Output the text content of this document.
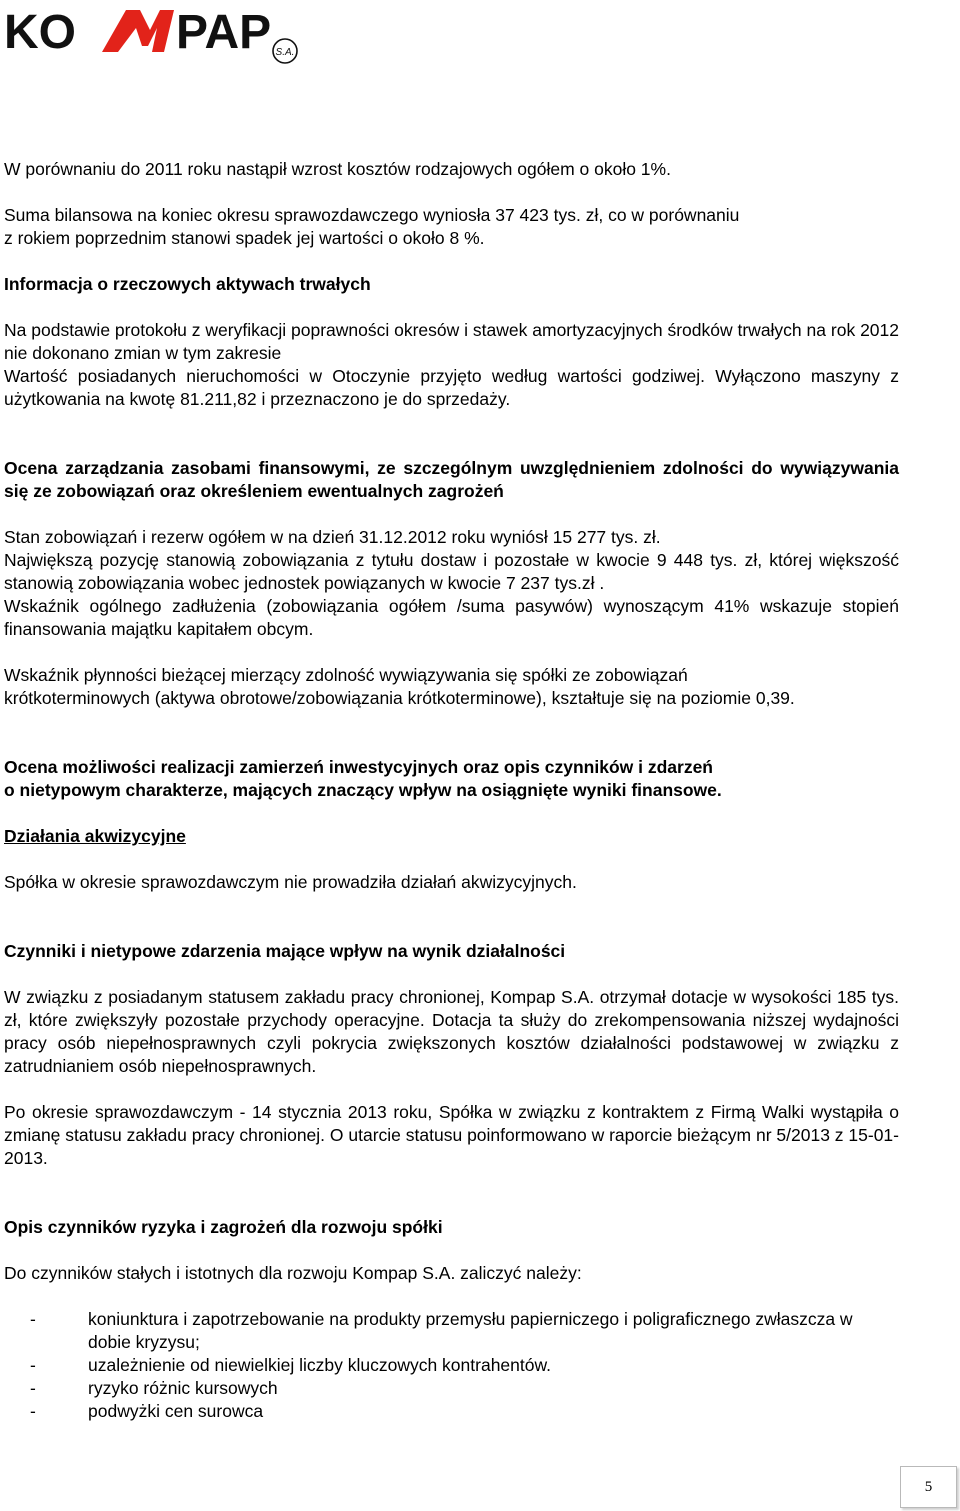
KO PAP S.A.

W porównaniu do 2011 roku nastąpił wzrost kosztów rodzajowych ogółem o około 1%.

Suma bilansowa na koniec okresu sprawozdawczego wyniosła 37 423 tys. zł, co w porównaniu

z rokiem poprzednim stanowi spadek jej wartości o około 8 %.

Informacja o rzeczowych aktywach trwałych

Na podstawie protokołu z weryfikacji poprawności okresów i stawek amortyzacyjnych środków trwałych na rok 2012 nie dokonano zmian w tym zakresie

Wartość posiadanych nieruchomości w Otoczynie przyjęto według wartości godziwej. Wyłączono maszyny z użytkowania na kwotę 81.211,82 i przeznaczono je do sprzedaży.

Ocena zarządzania zasobami finansowymi, ze szczególnym uwzględnieniem zdolności do wywiązywania się ze zobowiązań oraz określeniem ewentualnych zagrożeń

Stan zobowiązań i rezerw ogółem w na dzień 31.12.2012 roku wyniósł 15 277 tys. zł.

Największą pozycję stanowią zobowiązania z tytułu dostaw i pozostałe w kwocie 9 448 tys. zł, której większość stanowią zobowiązania wobec jednostek powiązanych w kwocie 7 237 tys.zł .

Wskaźnik ogólnego zadłużenia (zobowiązania ogółem /suma pasywów) wynoszącym 41% wskazuje stopień finansowania majątku kapitałem obcym.

Wskaźnik płynności bieżącej mierzący zdolność wywiązywania się spółki ze zobowiązań

krótkoterminowych (aktywa obrotowe/zobowiązania krótkoterminowe), kształtuje się na poziomie 0,39.

Ocena możliwości realizacji zamierzeń inwestycyjnych oraz opis czynników i zdarzeń

o nietypowym charakterze, mających znaczący wpływ na osiągnięte wyniki finansowe.

Działania akwizycyjne

Spółka w okresie sprawozdawczym nie prowadziła działań akwizycyjnych.

Czynniki i nietypowe zdarzenia mające wpływ na wynik działalności

W związku z posiadanym statusem zakładu pracy chronionej, Kompap S.A. otrzymał dotacje w wysokości 185 tys. zł, które zwiększyły pozostałe przychody operacyjne. Dotacja ta służy do zrekompensowania niższej wydajności pracy osób niepełnosprawnych czyli pokrycia zwiększonych kosztów działalności podstawowej w związku z zatrudnianiem osób niepełnosprawnych.

Po okresie sprawozdawczym - 14 stycznia 2013 roku, Spółka w związku z kontraktem z Firmą Walki wystąpiła o zmianę statusu zakładu pracy chronionej. O utarcie statusu poinformowano w raporcie bieżącym nr 5/2013 z 15-01-2013.

Opis czynników ryzyka i zagrożeń dla rozwoju spółki

Do czynników stałych i istotnych dla rozwoju Kompap S.A. zaliczyć należy:

-	koniunktura i zapotrzebowanie na produkty przemysłu papierniczego i poligraficznego zwłaszcza w dobie kryzysu;
-	uzależnienie od niewielkiej liczby kluczowych kontrahentów.
-	ryzyko różnic kursowych
-	podwyżki cen surowca
5
